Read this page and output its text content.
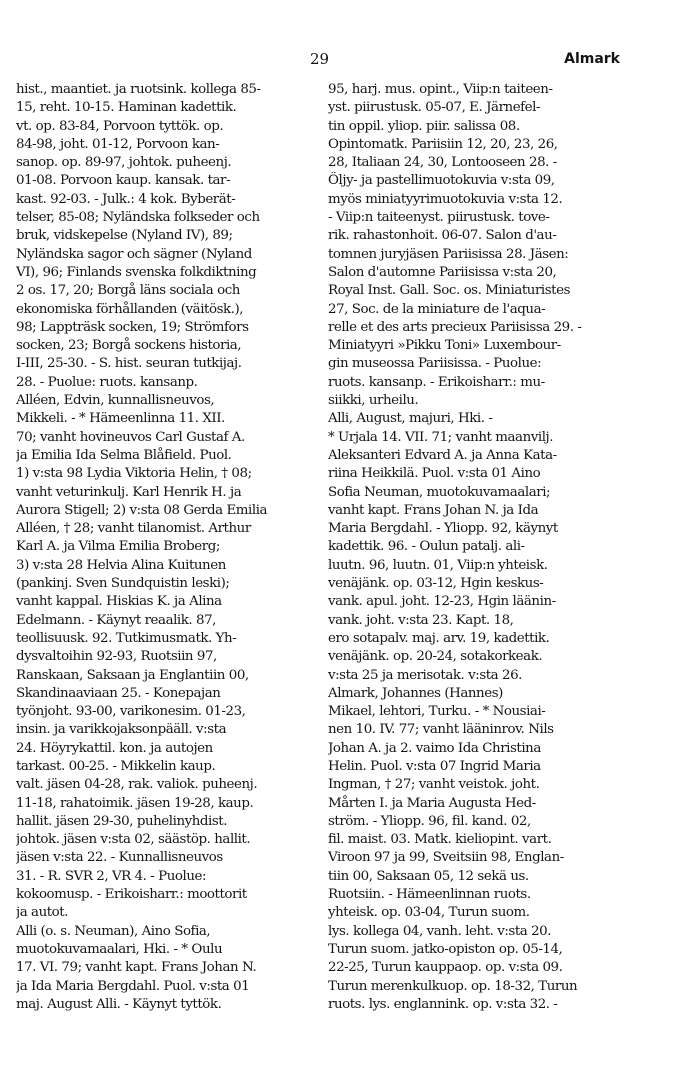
29	Almark
hist., maantiet. ja ruotsink. kollega 85-
15, reht. 10-15. Haminan kadettik.
vt. op. 83-84, Porvoon tyttök. op.
84-98, joht. 01-12, Porvoon kan-
sanop. op. 89-97, johtok. puheenj.
01-08. Porvoon kaup. kansak. tar-
kast. 92-03. - Julk.: 4 kok. Byberät-
telser, 85-08; Nyländska folkseder och
bruk, vidskepelse (Nyland IV), 89;
Nyländska sagor och sägner (Nyland
VI), 96; Finlands svenska folkdiktning
2 os. 17, 20; Borgå läns sociala och
ekonomiska förhållanden (väitösk.),
98; Lappträsk socken, 19; Strömfors
socken, 23; Borgå sockens historia,
I-III, 25-30. - S. hist. seuran tutkijaj.
28. - Puolue: ruots. kansanp.
Alléen, Edvin, kunnallisneuvos,
Mikkeli. - * Hämeenlinna 11. XII.
70; vanht hovineuvos Carl Gustaf A.
ja Emilia Ida Selma Blåfield. Puol.
1) v:sta 98 Lydia Viktoria Helin, † 08;
vanht veturinkulj. Karl Henrik H. ja
Aurora Stigell; 2) v:sta 08 Gerda Emilia
Alléen, † 28; vanht tilanomist. Arthur
Karl A. ja Vilma Emilia Broberg;
3) v:sta 28 Helvia Alina Kuitunen
(pankinj. Sven Sundquistin leski);
vanht kappal. Hiskias K. ja Alina
Edelmann. - Käynyt reaalik. 87,
teollisuusk. 92. Tutkimusmatk. Yh-
dysvaltoihin 92-93, Ruotsiin 97,
Ranskaan, Saksaan ja Englantiin 00,
Skandinaaviaan 25. - Konepajan
työnjoht. 93-00, varikonesim. 01-23,
insin. ja varikkojaksonpääll. v:sta
24. Höyrykattil. kon. ja autojen
tarkast. 00-25. - Mikkelin kaup.
valt. jäsen 04-28, rak. valiok. puheenj.
11-18, rahatoimik. jäsen 19-28, kaup.
hallit. jäsen 29-30, puhelinyhdist.
johtok. jäsen v:sta 02, säästöp. hallit.
jäsen v:sta 22. - Kunnallisneuvos
31. - R. SVR 2, VR 4. - Puolue:
kokoomusp. - Erikoisharr.: moottorit
ja autot.
Alli (o. s. Neuman), Aino Sofia,
muotokuvamaalari, Hki. - * Oulu
17. VI. 79; vanht kapt. Frans Johan N.
ja Ida Maria Bergdahl. Puol. v:sta 01
maj. August Alli. - Käynyt tyttök.
95, harj. mus. opint., Viip:n taiteen-
yst. piirustusk. 05-07, E. Järnefel-
tin oppil. yliop. piir. salissa 08.
Opintomatk. Pariisiin 12, 20, 23, 26,
28, Italiaan 24, 30, Lontooseen 28. -
Öljy- ja pastellimuotokuvia v:sta 09,
myös miniatyyrimuotokuvia v:sta 12.
- Viip:n taiteenyst. piirustusk. tove-
rik. rahastonhoit. 06-07. Salon d'au-
tomnen juryjäsen Pariisissa 28. Jäsen:
Salon d'automne Pariisissa v:sta 20,
Royal Inst. Gall. Soc. os. Miniaturistes
27, Soc. de la miniature de l'aqua-
relle et des arts precieux Pariisissa 29. -
Miniatyyri »Pikku Toni» Luxembour-
gin museossa Pariisissa. - Puolue:
ruots. kansanp. - Erikoisharr.: mu-
siikki, urheilu.
Alli, August, majuri, Hki. -
* Urjala 14. VII. 71; vanht maanvilj.
Aleksanteri Edvard A. ja Anna Kata-
riina Heikkilä. Puol. v:sta 01 Aino
Sofia Neuman, muotokuvamaalari;
vanht kapt. Frans Johan N. ja Ida
Maria Bergdahl. - Yliopp. 92, käynyt
kadettik. 96. - Oulun patalj. ali-
luutn. 96, luutn. 01, Viip:n yhteisk.
venäjänk. op. 03-12, Hgin keskus-
vank. apul. joht. 12-23, Hgin läänin-
vank. joht. v:sta 23. Kapt. 18,
ero sotapalv. maj. arv. 19, kadettik.
venäjänk. op. 20-24, sotakorkeak.
v:sta 25 ja merisotak. v:sta 26.
Almark, Johannes (Hannes)
Mikael, lehtori, Turku. - * Nousiai-
nen 10. IV. 77; vanht lääninrov. Nils
Johan A. ja 2. vaimo Ida Christina
Helin. Puol. v:sta 07 Ingrid Maria
Ingman, † 27; vanht veistok. joht.
Mårten I. ja Maria Augusta Hed-
ström. - Yliopp. 96, fil. kand. 02,
fil. maist. 03. Matk. kieliopint. vart.
Viroon 97 ja 99, Sveitsiin 98, Englan-
tiin 00, Saksaan 05, 12 sekä us.
Ruotsiin. - Hämeenlinnan ruots.
yhteisk. op. 03-04, Turun suom.
lys. kollega 04, vanh. leht. v:sta 20.
Turun suom. jatko-opiston op. 05-14,
22-25, Turun kauppaop. op. v:sta 09.
Turun merenkulkuop. op. 18-32, Turun
ruots. lys. englannink. op. v:sta 32. -
